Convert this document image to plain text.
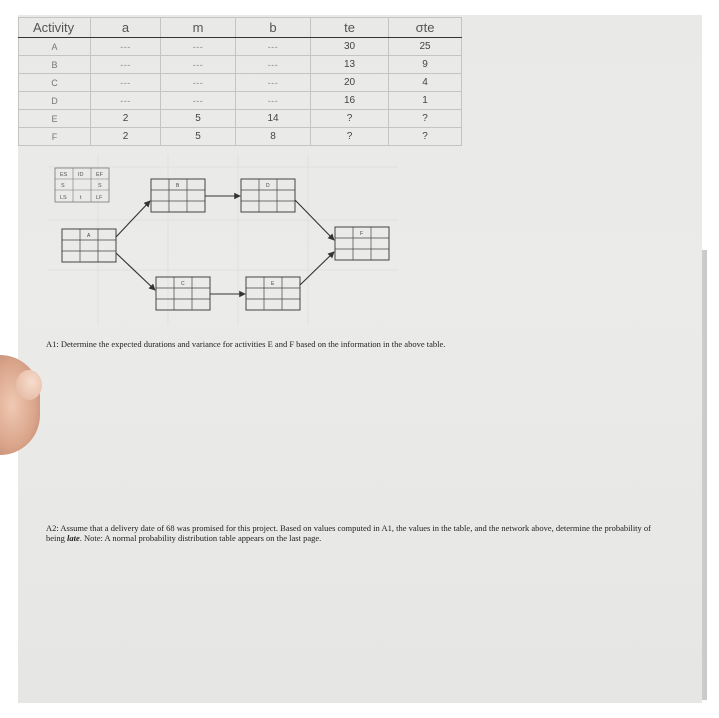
Activity	a	m	b	te	σte
A	---	---	---	30	25
B	---	---	---	13	9
C	---	---	---	20	4
D	---	---	---	16	1
E	2	5	14	?	?
F	2	5	8	?	?
ES ID EF
S	S
LS t	LF
A
B	D
C	E
F
A1: Determine the expected durations and variance for activities E and F based on the information in the above table.
A2: Assume that a delivery date of 68 was promised for this project. Based on values computed in A1, the values in the table, and the network above, determine the probability of being late. Note: A normal probability distribution table appears on the last page.
